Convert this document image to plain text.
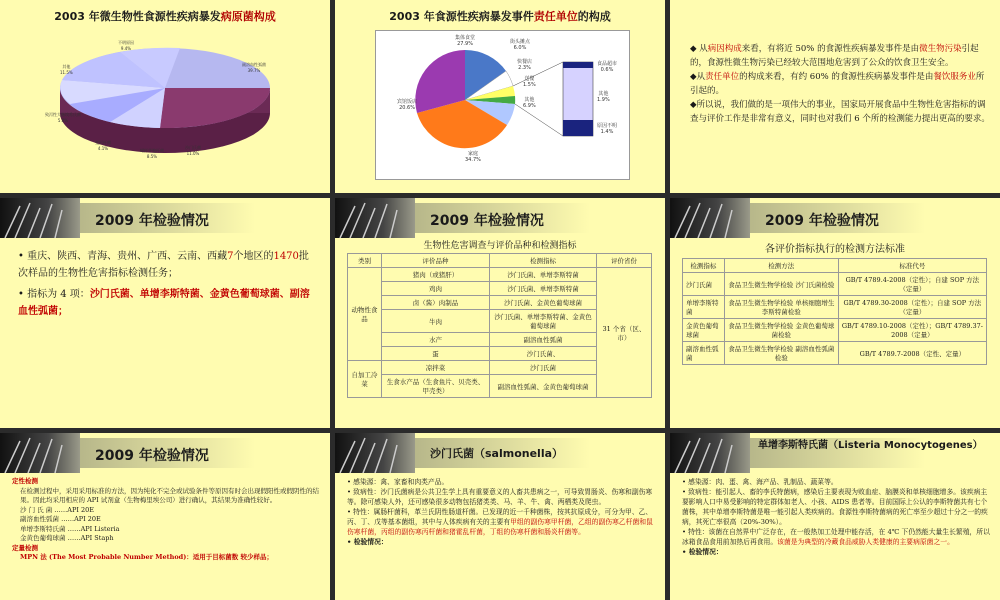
2003 年微生物性食源性疾病暴发病原菌构成
副溶血性弧菌
39.7%
沙门氏菌
11.0%
蜡样芽胞杆菌
8.5%
变形杆菌
4.1%
致泻性大肠埃希氏菌
5.8%
其他
11.5%
不明原因
9.4%
2003 年食源性疾病暴发事件责任单位的构成
集体食堂
27.9%	街头摊点
6.0%
快餐店
2.3%
送餐
1.5%
其他
6.9%
家庭
34.7%
宾馆饭店
20.6%
食品超市
0.6%
其他
1.9%
原因不明
1.4%

◆ 从病因构成来看，有将近 50% 的食源性疾病暴发事件是由微生物污染引起的，食源性微生物污染已经较大范围地危害到了公众的饮食卫生安全。

◆从责任单位的构成来看，有约 60% 的食源性疾病暴发事件是由餐饮服务业所引起的。

◆所以说，我们做的是一项伟大的事业，国家局开展食品中生物性危害指标的调查与评价工作是非常有意义，同时也对我们 6 个所的检测能力提出更高的要求。

2009 年检验情况

• 重庆、陕西、青海、贵州、广西、云南、西藏7个地区的1470批次样品的生物性危害指标检测任务；

• 指标为 4 项：沙门氏菌、单增李斯特菌、金黄色葡萄球菌、副溶血性弧菌；

2009 年检验情况
生物性危害调查与评价品种和检测指标
类别	评价品种	检测指标	评价省份
动物性食品	猪肉（或猪肝）	沙门氏菌、单增李斯特菌	31 个省（区、市）
	鸡肉	沙门氏菌、单增李斯特菌	
	卤（酱）肉制品	沙门氏菌、金黄色葡萄球菌	
	牛肉	沙门氏菌、单增李斯特菌、金黄色葡萄球菌	
	水产	副溶血性弧菌	
	蛋	沙门氏菌、	
自加工冷菜	凉拌菜	沙门氏菌	
	生食水产品（生食鱼片、贝壳类、甲壳类）	副溶血性弧菌、金黄色葡萄球菌	
2009 年检验情况
各评价指标执行的检测方法标准
检测指标	检测方法	标准代号
沙门氏菌	食品卫生微生物学检验 沙门氏菌检验	GB/T 4789.4-2008（定性）；自建 SOP 方法（定量）
单增李斯特菌	食品卫生微生物学检验 单核细胞增生李斯特菌检验	GB/T 4789.30-2008（定性）；自建 SOP 方法（定量）
金黄色葡萄球菌	食品卫生微生物学检验 金黄色葡萄球菌检验	GB/T 4789.10-2008（定性）；GB/T 4789.37-2008（定量）
副溶血性弧菌	食品卫生微生物学检验 副溶血性弧菌检验	GB/T 4789.7-2008（定性、定量）
2009 年检验情况
定性检测
在检测过程中，采用采用标准的方法，因为纯化不完全或试验条件等原因有时会出现假阳性或假阴性的结果。因此均采用相应的 API 试剂盒（生物梅里埃公司）进行确认，其结果为准确性较好。
沙 门 氏 菌 ……API 20E
副溶血性弧菌 ……API 20E
单增李斯特氏菌 ……API Listeria
金黄色葡萄球菌 ……API Staph
定量检测
MPN 法 (The Most Probable Number Method)：适用于目标菌数 较少样品；
沙门氏菌（salmonella）

• 感染源：禽、家畜和肉类产品。

• 致病性：沙门氏菌病是公共卫生学上具有重要意义的人畜共患病之一，可导致胃肠炎、伤寒和副伤寒等。除可感染人外，还可感染很多动物包括猪类类、马、羊、牛、禽、两栖类及爬虫。

• 特性：属肠杆菌科，革兰氏阴性肠道杆菌。已发现的近一千种菌株，按其抗原成分，可分为甲、乙、丙、丁、戊等基本菌组，其中与人体疾病有关的主要有甲组的副伤寒甲杆菌，乙组的副伤寒乙杆菌和鼠伤寒杆菌，丙组的副伤寒丙杆菌和猪霍乱杆菌，丁组的伤寒杆菌和肠炎杆菌等。

• 检验情况：

单增李斯特氏菌（Listeria Monocytogenes）

• 感染源：肉、蛋、禽、海产品、乳制品、蔬菜等。

• 致病性：能引起人、畜的李氏特菌病，感染后主要表现为败血症、脑膜炎和单核细胞增多。该疾病主要影响人口中易受影响的特定群体如老人、小孩、AIDS 患者等。目前国际上公认的李斯特菌共有七个菌株，其中单增李斯特菌是唯一能引起人类疾病的。食源性李斯特菌病的死亡率至少超过十分之一的疾病，其死亡率很高（20%-30%）。

• 特性：该菌在自然界中广泛存在，在一般热加工处理中能存活，在 4℃ 下仍然能大量生长繁殖，所以冰箱食品食用前加热后再食用。该菌是为典型的冷藏食品威胁人类健康的主要病原菌之一。

• 检验情况：
